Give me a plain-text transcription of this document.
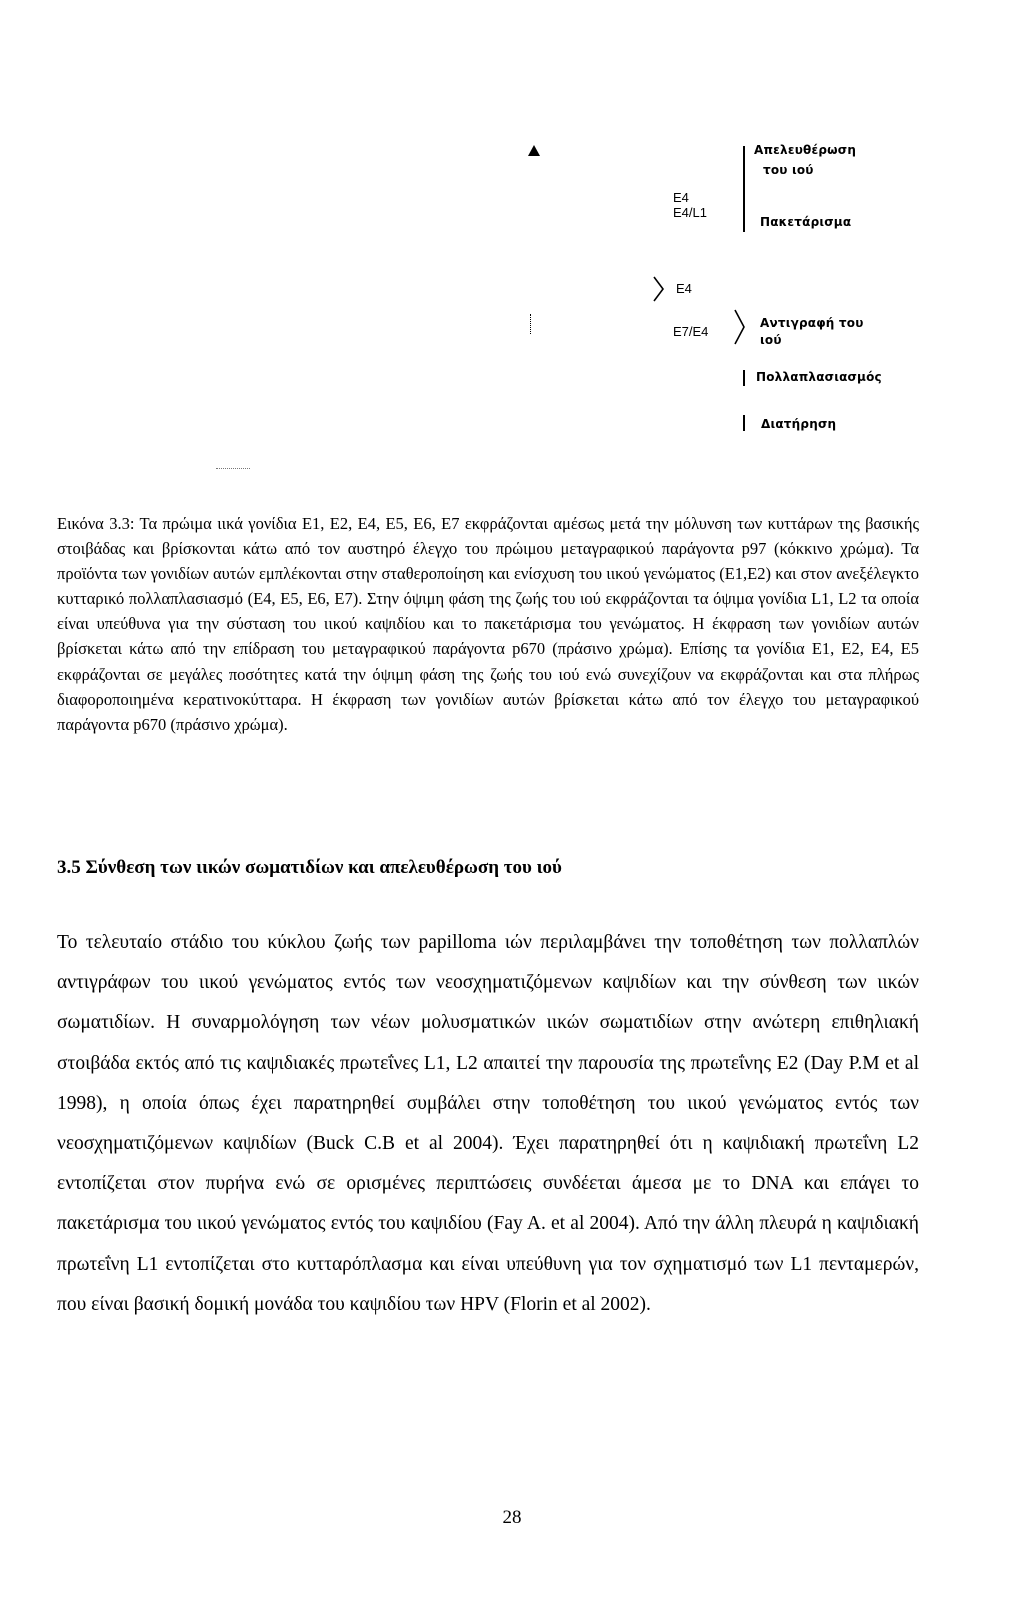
Απελευθέρωση
του ιού
E4
E4/L1
Πακετάρισμα
E4
E7/E4
Αντιγραφή του
ιού
Πολλαπλασιασμός
Διατήρηση
Εικόνα 3.3: Τα πρώιμα ιικά γονίδια Ε1, Ε2, Ε4, Ε5, Ε6, Ε7 εκφράζονται αμέσως μετά την μόλυνση των κυττάρων της βασικής στοιβάδας και βρίσκονται κάτω από τον αυστηρό έλεγχο του πρώιμου μεταγραφικού παράγοντα p97 (κόκκινο χρώμα). Τα προϊόντα των γονιδίων αυτών εμπλέκονται στην σταθεροποίηση και ενίσχυση του ιικού γενώματος (Ε1,Ε2) και στον ανεξέλεγκτο κυτταρικό πολλαπλασιασμό (Ε4, Ε5, Ε6, Ε7). Στην όψιμη φάση της ζωής του ιού εκφράζονται τα όψιμα γονίδια L1, L2 τα οποία είναι υπεύθυνα για την σύσταση του ιικού καψιδίου και το πακετάρισμα του γενώματος. Η έκφραση των γονιδίων αυτών βρίσκεται κάτω από την επίδραση του μεταγραφικού παράγοντα p670 (πράσινο χρώμα). Επίσης τα γονίδια Ε1, Ε2, Ε4, Ε5 εκφράζονται σε μεγάλες ποσότητες κατά την όψιμη φάση της ζωής του ιού ενώ συνεχίζουν να εκφράζονται και στα πλήρως διαφοροποιημένα κερατινοκύτταρα. Η έκφραση των γονιδίων αυτών βρίσκεται κάτω από τον έλεγχο του μεταγραφικού παράγοντα p670 (πράσινο χρώμα).
3.5 Σύνθεση των ιικών σωματιδίων και απελευθέρωση του ιού
Το τελευταίο στάδιο του κύκλου ζωής των papilloma ιών περιλαμβάνει την τοποθέτηση των πολλαπλών αντιγράφων του ιικού γενώματος εντός των νεοσχηματιζόμενων καψιδίων και την σύνθεση των ιικών σωματιδίων. Η συναρμολόγηση των νέων μολυσματικών ιικών σωματιδίων στην ανώτερη επιθηλιακή στοιβάδα εκτός από τις καψιδιακές πρωτεΐνες L1, L2 απαιτεί την παρουσία της πρωτεΐνης Ε2 (Day P.M et al 1998), η οποία όπως έχει παρατηρηθεί συμβάλει στην τοποθέτηση του ιικού γενώματος εντός των νεοσχηματιζόμενων καψιδίων (Buck C.B et al 2004). Έχει παρατηρηθεί ότι η καψιδιακή πρωτεΐνη L2 εντοπίζεται στον πυρήνα ενώ σε ορισμένες περιπτώσεις συνδέεται άμεσα με το DNA και επάγει το πακετάρισμα του ιικού γενώματος εντός του καψιδίου (Fay A. et al 2004). Από την άλλη πλευρά η καψιδιακή πρωτεΐνη L1 εντοπίζεται στο κυτταρόπλασμα και είναι υπεύθυνη για τον σχηματισμό των L1 πενταμερών, που είναι βασική δομική μονάδα του καψιδίου των HPV (Florin et al 2002).
28
